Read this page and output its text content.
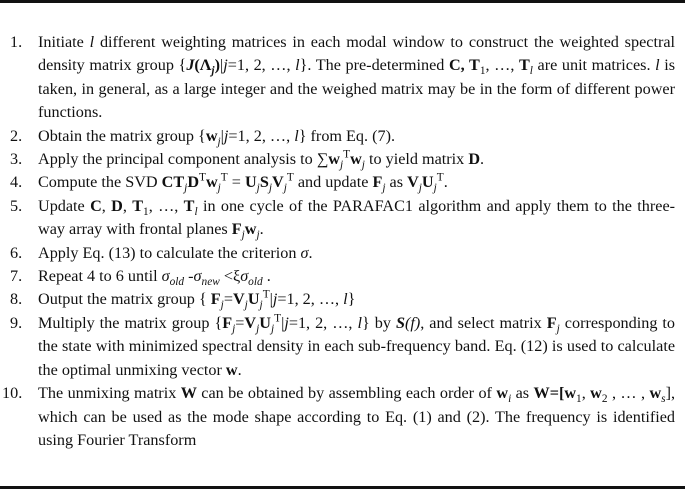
1. Initiate l different weighting matrices in each modal window to construct the weighted spectral density matrix group {$J(\Lambda_j)|j=1$, 2, …, l}. The pre-determined C, $T_1$, …, $T_l$ are unit matrices. l is taken, in general, as a large integer and the weighed matrix may be in the form of different power functions.
2. Obtain the matrix group {$w_j|j=1$, 2, …, l} from Eq. (7).
3. Apply the principal component analysis to $\sum w_j^Tw_j$ to yield matrix D.
4. Compute the SVD $CT_jD^Tw_j^T = U_jS_jV_j^T$ and update $F_j$ as $V_jU_j^T$.
5. Update C, D, $T_1$, …, $T_l$ in one cycle of the PARAFAC1 algorithm and apply them to the three-way array with frontal planes $F_jw_j$.
6. Apply Eq. (13) to calculate the criterion σ.
7. Repeat 4 to 6 until $\sigma_{old}$ $-\sigma_{new} <\xi\sigma_{old}$ .
8. Output the matrix group { $F_j=V_jU_j^T|j=1$, 2, …, l}
9. Multiply the matrix group {$F_j=V_jU_j^T|j=1$, 2, …, l} by S(f), and select matrix $F_j$ corresponding to the state with minimized spectral density in each sub-frequency band. Eq. (12) is used to calculate the optimal unmixing vector w.
10. The unmixing matrix W can be obtained by assembling each order of $w_i$ as $W=[w_1$, $w_2$ , … , $w_s$], which can be used as the mode shape according to Eq. (1) and (2). The frequency is identified using Fourier Transform
